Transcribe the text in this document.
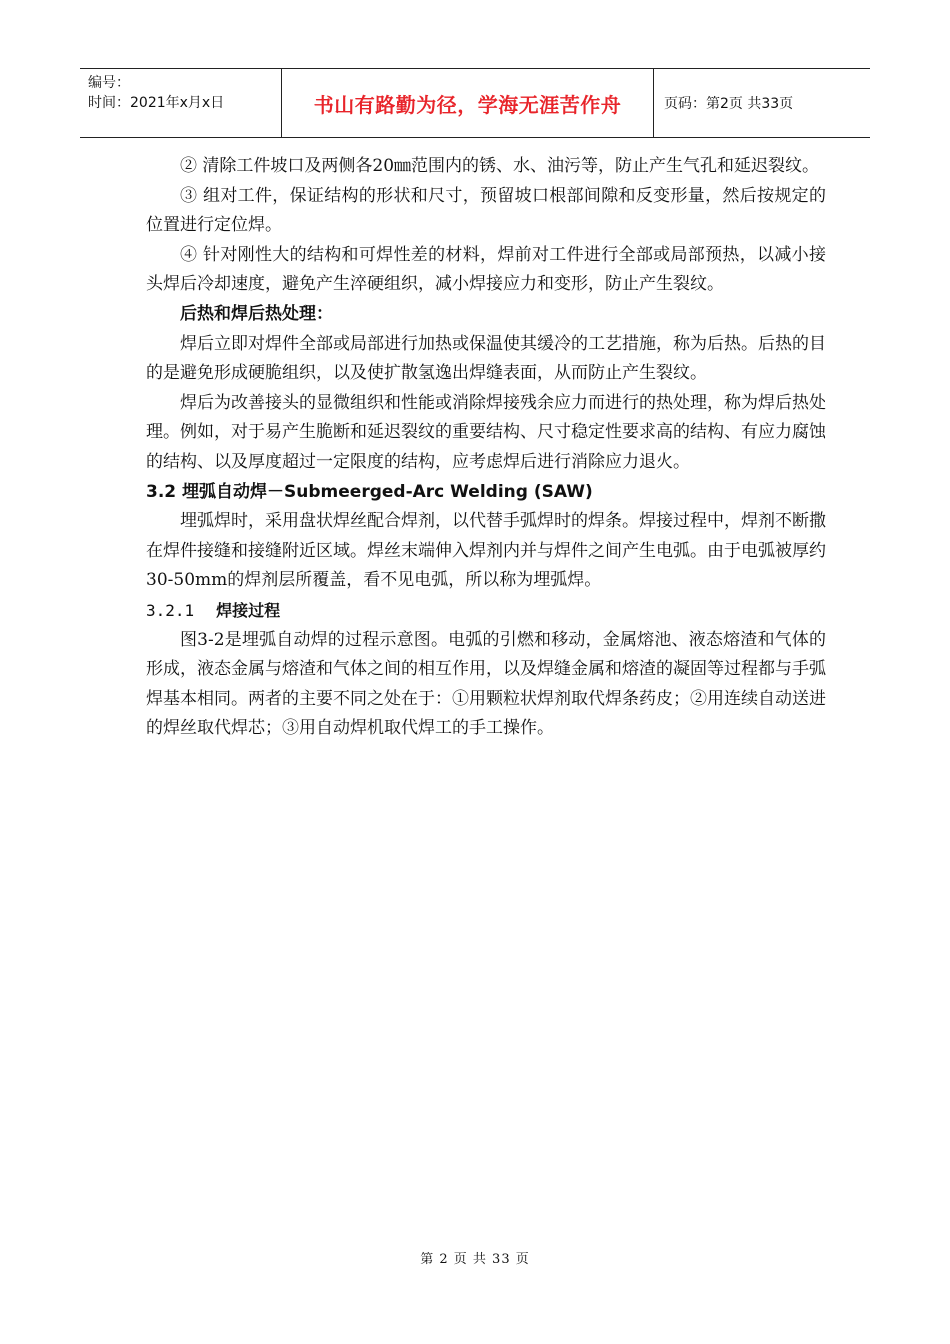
编号：
时间：2021年x月x日	书山有路勤为径，学海无涯苦作舟	页码：第2页 共33页

② 清除工件坡口及两侧各20㎜范围内的锈、水、油污等，防止产生气孔和延迟裂纹。

③ 组对工件，保证结构的形状和尺寸，预留坡口根部间隙和反变形量，然后按规定的位置进行定位焊。

④ 针对刚性大的结构和可焊性差的材料，焊前对工件进行全部或局部预热，以减小接头焊后冷却速度，避免产生淬硬组织，减小焊接应力和变形，防止产生裂纹。

后热和焊后热处理：

焊后立即对焊件全部或局部进行加热或保温使其缓冷的工艺措施，称为后热。后热的目的是避免形成硬脆组织，以及使扩散氢逸出焊缝表面，从而防止产生裂纹。

焊后为改善接头的显微组织和性能或消除焊接残余应力而进行的热处理，称为焊后热处理。例如，对于易产生脆断和延迟裂纹的重要结构、尺寸稳定性要求高的结构、有应力腐蚀的结构、以及厚度超过一定限度的结构，应考虑焊后进行消除应力退火。

3.2 埋弧自动焊－Submeerged-Arc Welding (SAW)

埋弧焊时，采用盘状焊丝配合焊剂，以代替手弧焊时的焊条。焊接过程中，焊剂不断撒在焊件接缝和接缝附近区域。焊丝末端伸入焊剂内并与焊件之间产生电弧。由于电弧被厚约30-50mm的焊剂层所覆盖，看不见电弧，所以称为埋弧焊。

3.2.1 焊接过程

图3-2是埋弧自动焊的过程示意图。电弧的引燃和移动，金属熔池、液态熔渣和气体的形成，液态金属与熔渣和气体之间的相互作用，以及焊缝金属和熔渣的凝固等过程都与手弧焊基本相同。两者的主要不同之处在于：①用颗粒状焊剂取代焊条药皮；②用连续自动送进的焊丝取代焊芯；③用自动焊机取代焊工的手工操作。

第 2 页 共 33 页
